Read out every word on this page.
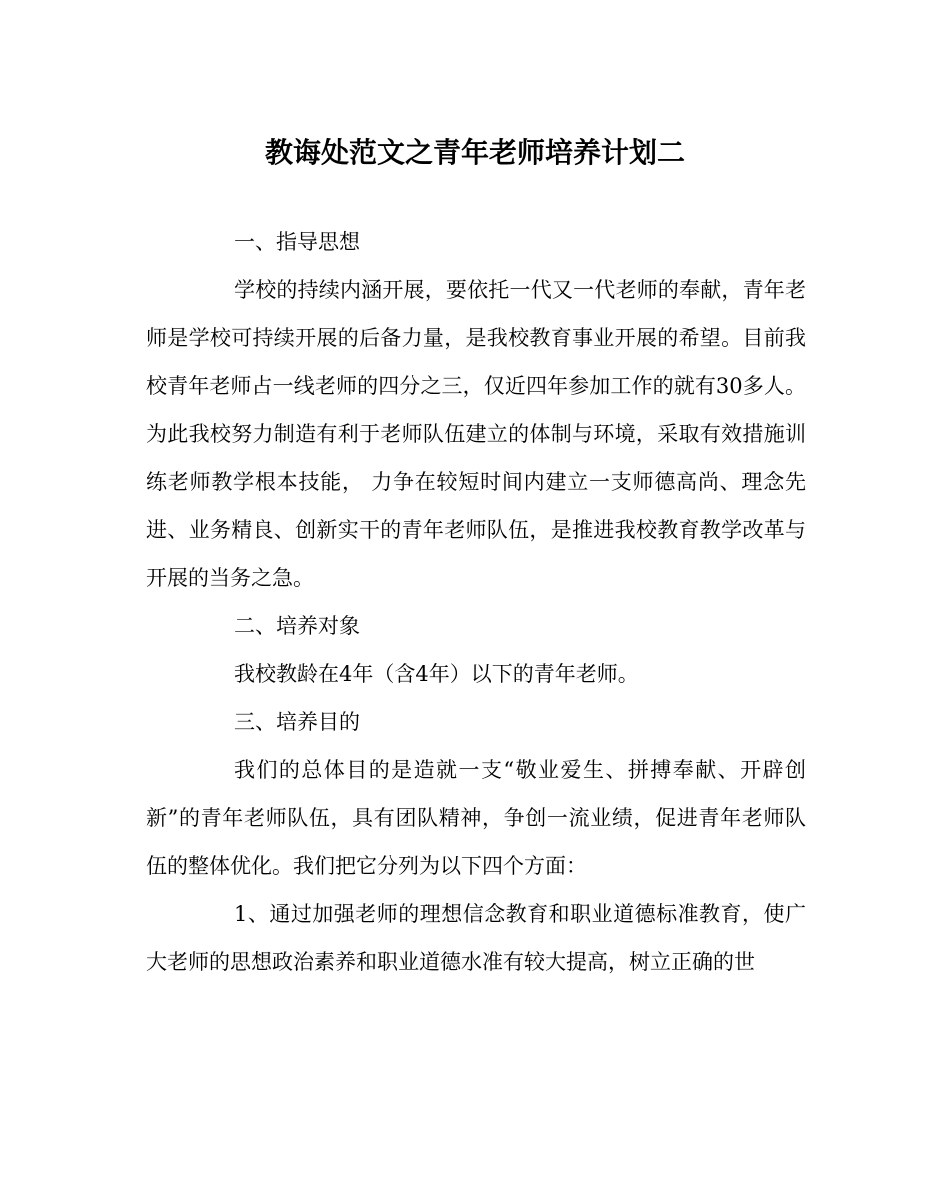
教诲处范文之青年老师培养计划二

一、指导思想

学校的持续内涵开展，要依托一代又一代老师的奉献，青年老师是学校可持续开展的后备力量，是我校教育事业开展的希望。目前我校青年老师占一线老师的四分之三，仅近四年参加工作的就有30多人。为此我校努力制造有利于老师队伍建立的体制与环境，采取有效措施训练老师教学根本技能， 力争在较短时间内建立一支师德高尚、理念先进、业务精良、创新实干的青年老师队伍，是推进我校教育教学改革与开展的当务之急。

二、培养对象

我校教龄在4年（含4年）以下的青年老师。

三、培养目的

我们的总体目的是造就一支“敬业爱生、拼搏奉献、开辟创新”的青年老师队伍，具有团队精神，争创一流业绩，促进青年老师队伍的整体优化。我们把它分列为以下四个方面：

1、通过加强老师的理想信念教育和职业道德标准教育，使广大老师的思想政治素养和职业道德水准有较大提高，树立正确的世
